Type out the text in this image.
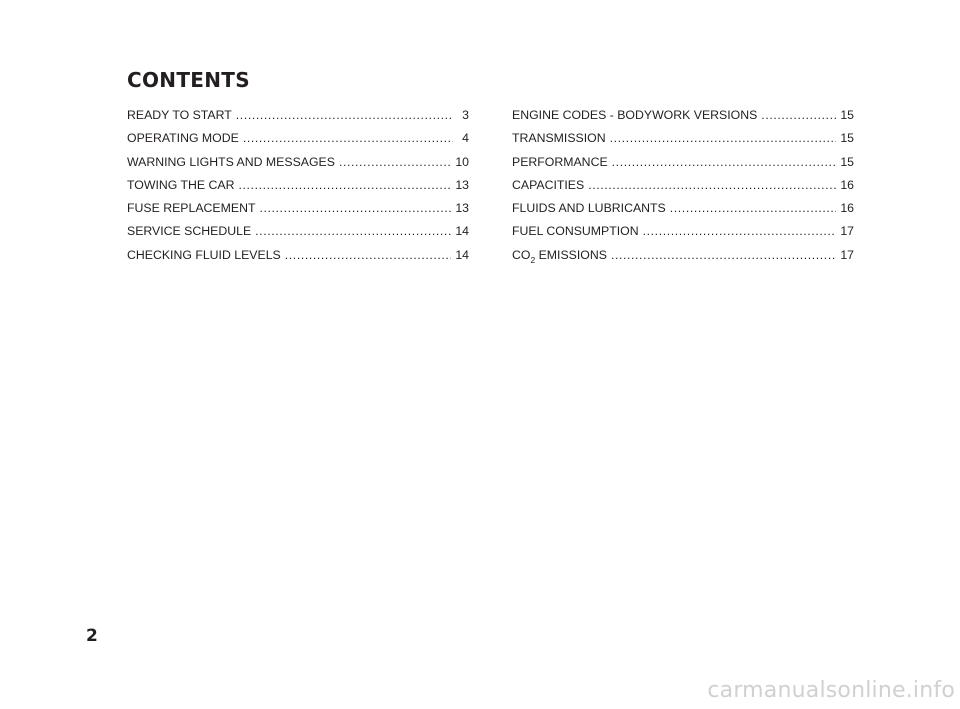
CONTENTS
READY TO START .....	3
OPERATING MODE .....	4
WARNING LIGHTS AND MESSAGES .....	10
TOWING THE CAR .....	13
FUSE REPLACEMENT .....	13
SERVICE SCHEDULE .....	14
CHECKING FLUID LEVELS .....	14
ENGINE CODES - BODYWORK VERSIONS .....	15
TRANSMISSION .....	15
PERFORMANCE .....	15
CAPACITIES .....	16
FLUIDS AND LUBRICANTS .....	16
FUEL CONSUMPTION .....	17
$CO_2$ EMISSIONS .....	17
2
carmanualsonline.info
